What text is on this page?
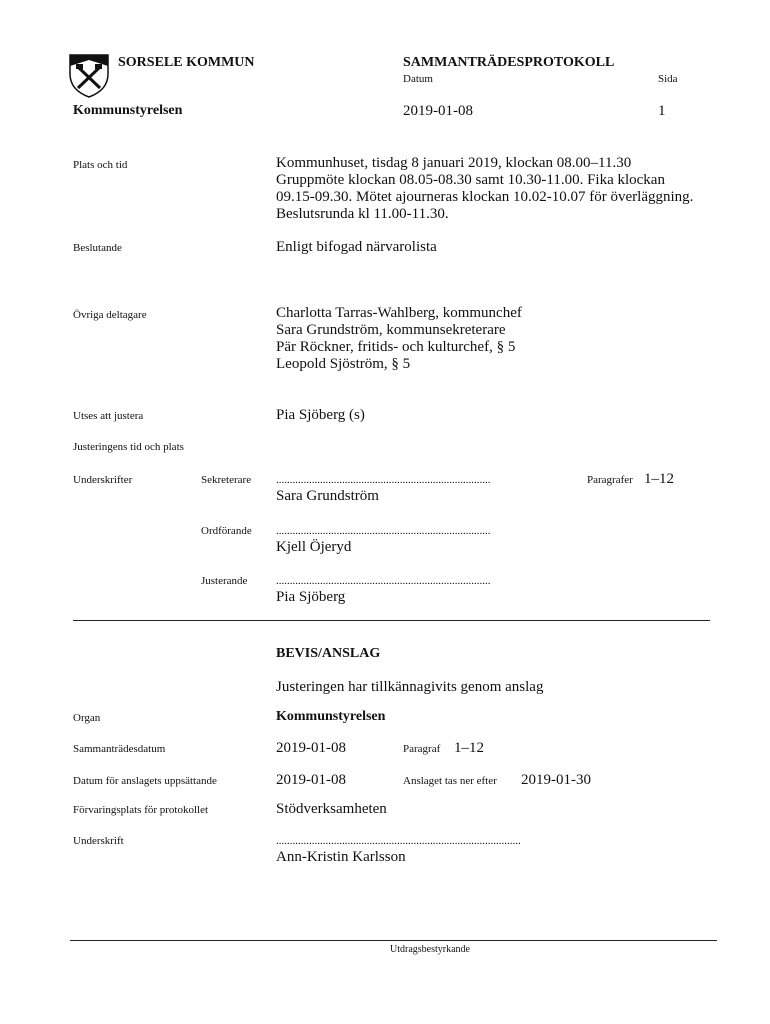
SORSELE KOMMUN	SAMMANTRÄDESPROTOKOLL
Datum	Sida
Kommunstyrelsen	2019-01-08	1
Plats och tid	Kommunhuset, tisdag 8 januari 2019, klockan 08.00–11.30
Gruppmöte klockan 08.05-08.30 samt 10.30-11.00. Fika klockan
09.15-09.30. Mötet ajourneras klockan 10.02-10.07 för överläggning.
Beslutsrunda kl 11.00-11.30.
Beslutande	Enligt bifogad närvarolista
Övriga deltagare	Charlotta Tarras-Wahlberg, kommunchef
Sara Grundström, kommunsekreterare
Pär Röckner, fritids- och kulturchef, § 5
Leopold Sjöström, § 5
Utses att justera	Pia Sjöberg (s)
Justeringens tid och plats
Underskrifter	Sekreterare ..............................................................................	Paragrafer 1–12
Sara Grundström
Ordförande ..............................................................................
Kjell Öjeryd
Justerande	..............................................................................
Pia Sjöberg
BEVIS/ANSLAG
Justeringen har tillkännagivits genom anslag
Organ	Kommunstyrelsen
Sammanträdesdatum	2019-01-08	Paragraf 1–12
Datum för anslagets uppsättande	2019-01-08	Anslaget tas ner efter 2019-01-30
Förvaringsplats för protokollet	Stödverksamheten
Underskrift	.........................................................................................
Ann-Kristin Karlsson
Utdragsbestyrkande
